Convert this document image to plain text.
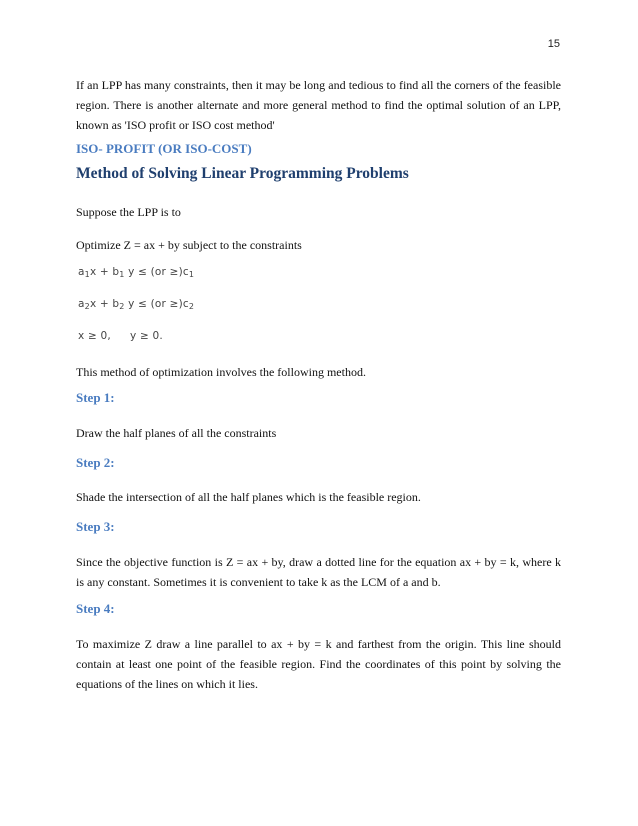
15
If an LPP has many constraints, then it may be long and tedious to find all the corners of the feasible region. There is another alternate and more general method to find the optimal solution of an LPP, known as 'ISO profit or ISO cost method'
ISO- PROFIT (OR ISO-COST)
Method of Solving Linear Programming Problems
Suppose the LPP is to
Optimize Z = ax + by subject to the constraints
$a_1x + b_1$ $y \le (or \ge)c_1$
$a_2x + b_2$ $y \le (or \ge)c_2$
x ≥ 0, y ≥ 0.
This method of optimization involves the following method.
Step 1:
Draw the half planes of all the constraints
Step 2:
Shade the intersection of all the half planes which is the feasible region.
Step 3:
Since the objective function is Z = ax + by, draw a dotted line for the equation ax + by = k, where k is any constant. Sometimes it is convenient to take k as the LCM of a and b.
Step 4:
To maximize Z draw a line parallel to ax + by = k and farthest from the origin. This line should contain at least one point of the feasible region. Find the coordinates of this point by solving the equations of the lines on which it lies.
